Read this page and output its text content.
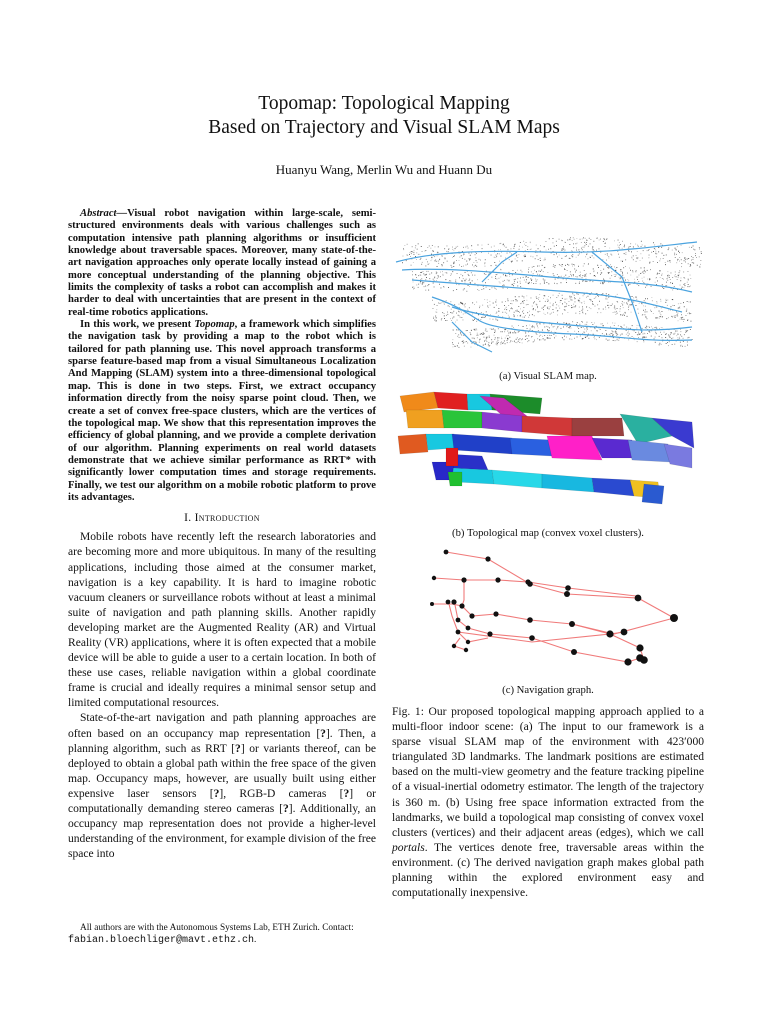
Topomap: Topological Mapping
Based on Trajectory and Visual SLAM Maps
Huanyu Wang, Merlin Wu and Huann Du

Abstract—Visual robot navigation within large-scale, semi-structured environments deals with various challenges such as computation intensive path planning algorithms or insufficient knowledge about traversable spaces. Moreover, many state-of-the-art navigation approaches only operate locally instead of gaining a more conceptual understanding of the planning objective. This limits the complexity of tasks a robot can accomplish and makes it harder to deal with uncertainties that are present in the context of real-time robotics applications.

In this work, we present Topomap, a framework which simplifies the navigation task by providing a map to the robot which is tailored for path planning use. This novel approach transforms a sparse feature-based map from a visual Simultaneous Localization And Mapping (SLAM) system into a three-dimensional topological map. This is done in two steps. First, we extract occupancy information directly from the noisy sparse point cloud. Then, we create a set of convex free-space clusters, which are the vertices of the topological map. We show that this representation improves the efficiency of global planning, and we provide a complete derivation of our algorithm. Planning experiments on real world datasets demonstrate that we achieve similar performance as RRT* with significantly lower computation times and storage requirements. Finally, we test our algorithm on a mobile robotic platform to prove its advantages.

I. Introduction

Mobile robots have recently left the research laboratories and are becoming more and more ubiquitous. In many of the resulting applications, including those aimed at the consumer market, navigation is a key capability. It is hard to imagine robotic vacuum cleaners or surveillance robots without at least a minimal suite of navigation and path planning skills. Another rapidly developing market are the Augmented Reality (AR) and Virtual Reality (VR) applications, where it is often expected that a mobile device will be able to guide a user to a certain location. In both of these use cases, reliable navigation within a global coordinate frame is crucial and ideally requires a minimal sensor setup and limited computational resources.

State-of-the-art navigation and path planning approaches are often based on an occupancy map representation [?]. Then, a planning algorithm, such as RRT [?] or variants thereof, can be deployed to obtain a global path within the free space of the given map. Occupancy maps, however, are usually built using either expensive laser sensors [?], RGB-D cameras [?] or computationally demanding stereo cameras [?]. Additionally, an occupancy map representation does not provide a higher-level understanding of the environment, for example division of the free space into

All authors are with the Autonomous Systems Lab, ETH Zurich. Contact:
fabian.bloechliger@mavt.ethz.ch.
(a) Visual SLAM map.
(b) Topological map (convex voxel clusters).
(c) Navigation graph.
Fig. 1: Our proposed topological mapping approach applied to a multi-floor indoor scene: (a) The input to our framework is a sparse visual SLAM map of the environment with 423′000 triangulated 3D landmarks. The landmark positions are estimated based on the multi-view geometry and the feature tracking pipeline of a visual-inertial odometry estimator. The length of the trajectory is 360 m. (b) Using free space information extracted from the landmarks, we build a topological map consisting of convex voxel clusters (vertices) and their adjacent areas (edges), which we call portals. The vertices denote free, traversable areas within the environment. (c) The derived navigation graph makes global path planning within the explored environment easy and computationally inexpensive.
